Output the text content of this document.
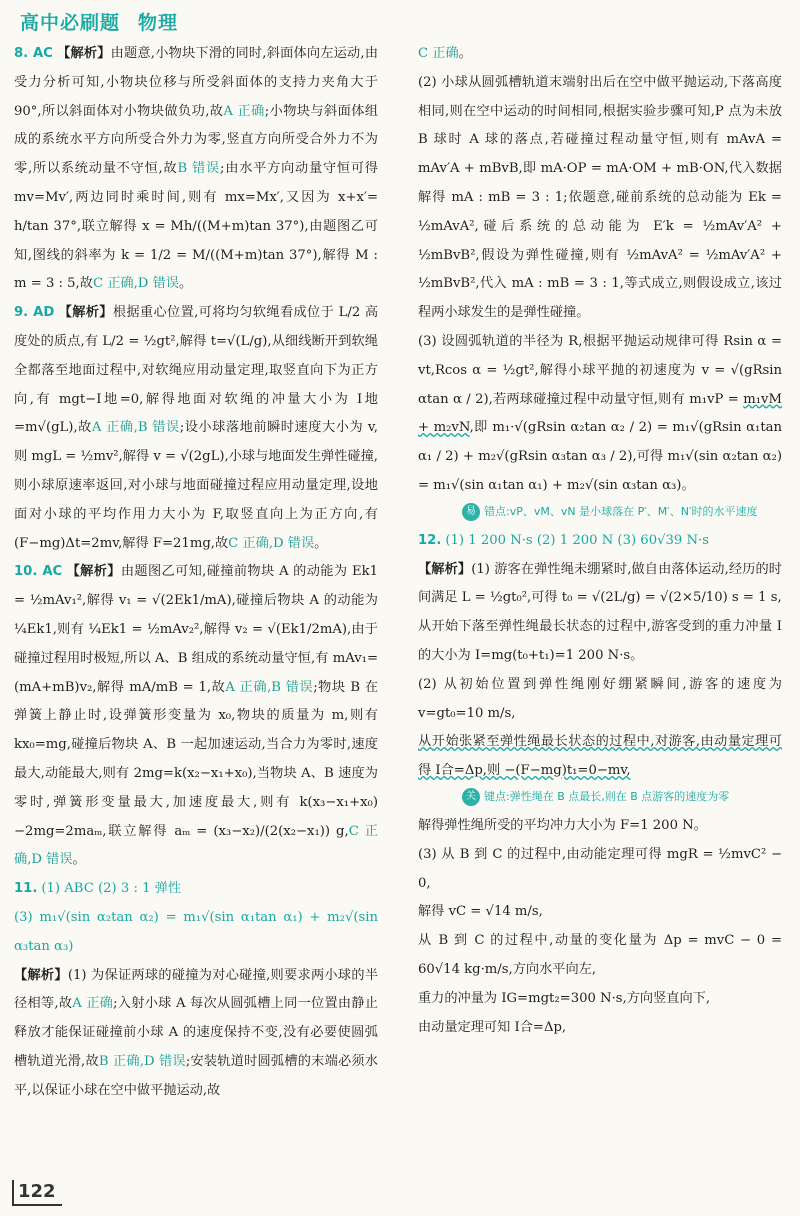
高中必刷题 物理

8. AC 【解析】由题意,小物块下滑的同时,斜面体向左运动,由受力分析可知,小物块位移与所受斜面体的支持力夹角大于 90°,所以斜面体对小物块做负功,故A 正确;小物块与斜面体组成的系统水平方向所受合外力为零,竖直方向所受合外力不为零,所以系统动量不守恒,故B 错误;由水平方向动量守恒可得 mv=Mv′,两边同时乘时间,则有 mx=Mx′,又因为 x+x′= h/tan 37°,联立解得 x = Mh/((M+m)tan 37°),由题图乙可知,图线的斜率为 k = 1/2 = M/((M+m)tan 37°),解得 M : m = 3 : 5,故C 正确,D 错误。

9. AD 【解析】根据重心位置,可将均匀软绳看成位于 L/2 高度处的质点,有 L/2 = ½gt²,解得 t=√(L/g),从细线断开到软绳全都落至地面过程中,对软绳应用动量定理,取竖直向下为正方向,有 mgt−I地=0,解得地面对软绳的冲量大小为 I地=m√(gL),故A 正确,B 错误;设小球落地前瞬时速度大小为 v,则 mgL = ½mv²,解得 v = √(2gL),小球与地面发生弹性碰撞,则小球原速率返回,对小球与地面碰撞过程应用动量定理,设地面对小球的平均作用力大小为 F,取竖直向上为正方向,有 (F−mg)Δt=2mv,解得 F=21mg,故C 正确,D 错误。

10. AC 【解析】由题图乙可知,碰撞前物块 A 的动能为 Ek1 = ½mAv₁²,解得 v₁ = √(2Ek1/mA),碰撞后物块 A 的动能为 ¼Ek1,则有 ¼Ek1 = ½mAv₂²,解得 v₂ = √(Ek1/2mA),由于碰撞过程用时极短,所以 A、B 组成的系统动量守恒,有 mAv₁=(mA+mB)v₂,解得 mA/mB = 1,故A 正确,B 错误;物块 B 在弹簧上静止时,设弹簧形变量为 x₀,物块的质量为 m,则有 kx₀=mg,碰撞后物块 A、B 一起加速运动,当合力为零时,速度最大,动能最大,则有 2mg=k(x₂−x₁+x₀),当物块 A、B 速度为零时,弹簧形变量最大,加速度最大,则有 k(x₃−x₁+x₀)−2mg=2maₘ,联立解得 aₘ = (x₃−x₂)/(2(x₂−x₁)) g,C 正确,D 错误。

11. (1) ABC (2) 3 : 1 弹性

(3) m₁√(sin α₂tan α₂) = m₁√(sin α₁tan α₁) + m₂√(sin α₃tan α₃)

【解析】(1) 为保证两球的碰撞为对心碰撞,则要求两小球的半径相等,故A 正确;入射小球 A 每次从圆弧槽上同一位置由静止释放才能保证碰撞前小球 A 的速度保持不变,没有必要使圆弧槽轨道光滑,故B 正确,D 错误;安装轨道时圆弧槽的末端必须水平,以保证小球在空中做平抛运动,故

C 正确。

(2) 小球从圆弧槽轨道末端射出后在空中做平抛运动,下落高度相同,则在空中运动的时间相同,根据实验步骤可知,P 点为未放 B 球时 A 球的落点,若碰撞过程动量守恒,则有 mAvA = mAv′A + mBvB,即 mA·OP = mA·OM + mB·ON,代入数据解得 mA : mB = 3 : 1;依题意,碰前系统的总动能为 Ek = ½mAvA²,碰后系统的总动能为 E′k = ½mAv′A² + ½mBvB²,假设为弹性碰撞,则有 ½mAvA² = ½mAv′A² + ½mBvB²,代入 mA : mB = 3 : 1,等式成立,则假设成立,该过程两小球发生的是弹性碰撞。

(3) 设圆弧轨道的半径为 R,根据平抛运动规律可得 Rsin α = vt,Rcos α = ½gt²,解得小球平抛的初速度为 v = √(gRsin αtan α / 2),若两球碰撞过程中动量守恒,则有 m₁vP = m₁vM + m₂vN,即 m₁·√(gRsin α₂tan α₂ / 2) = m₁√(gRsin α₁tan α₁ / 2) + m₂√(gRsin α₃tan α₃ / 2),可得 m₁√(sin α₂tan α₂) = m₁√(sin α₁tan α₁) + m₂√(sin α₃tan α₃)。

易 错点:vP、vM、vN 是小球落在 P′、M′、N′时的水平速度

12. (1) 1 200 N·s (2) 1 200 N (3) 60√39 N·s

【解析】(1) 游客在弹性绳未绷紧时,做自由落体运动,经历的时间满足 L = ½gt₀²,可得 t₀ = √(2L/g) = √(2×5/10) s = 1 s,

从开始下落至弹性绳最长状态的过程中,游客受到的重力冲量 I 的大小为 I=mg(t₀+t₁)=1 200 N·s。

(2) 从初始位置到弹性绳刚好绷紧瞬间,游客的速度为 v=gt₀=10 m/s,

从开始张紧至弹性绳最长状态的过程中,对游客,由动量定理可得 I合=Δp,则 −(F−mg)t₁=0−mv,

关 键点:弹性绳在 B 点最长,则在 B 点游客的速度为零

解得弹性绳所受的平均冲力大小为 F=1 200 N。

(3) 从 B 到 C 的过程中,由动能定理可得 mgR = ½mvC² − 0,

解得 vC = √14 m/s,

从 B 到 C 的过程中,动量的变化量为 Δp = mvC − 0 = 60√14 kg·m/s,方向水平向左,

重力的冲量为 IG=mgt₂=300 N·s,方向竖直向下,

由动量定理可知 I合=Δp,

122
